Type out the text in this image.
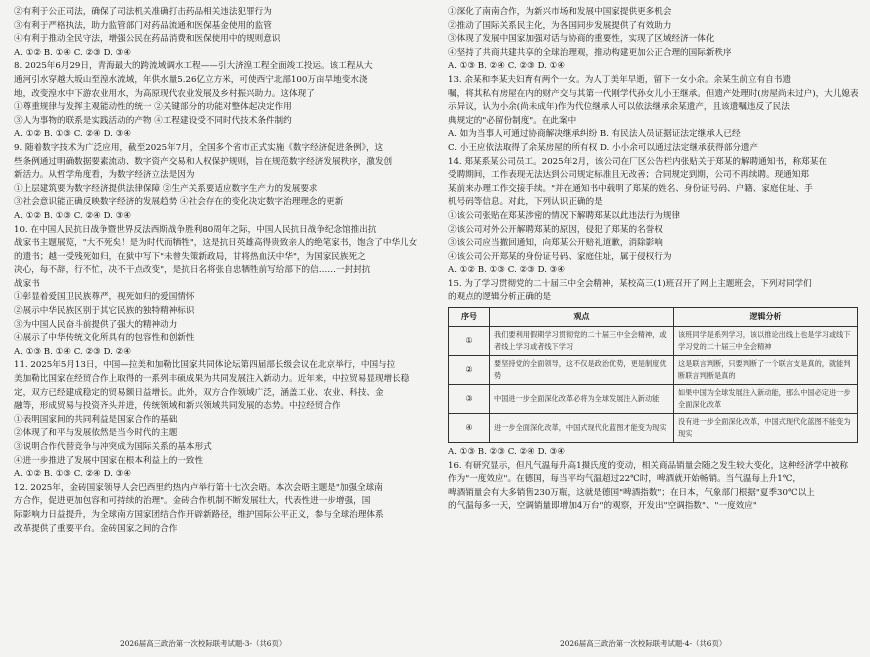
②有利于公正司法，确保了司法机关准确打击药品相关违法犯罪行为
③有利于严格执法，助力监管部门对药品流通和医保基金使用的监管
④有利于推动全民守法，增强公民在药品消费和医保使用中的规则意识
A. ①② B. ①④ C. ②③ D. ③④
8. 2025年6月29日，青海最大的跨流域调水工程——引大济湟工程全面竣工投运。该工程从大
通河引水穿越大坂山至湟水流域，年供水量5.26亿立方米，可使西宁北部100万亩旱地变水浇
地，改变湟水中下游农业用水，为高原现代农业发展及乡村振兴助力。这体现了
①尊重规律与发挥主观能动性的统一 ②关键部分的功能对整体起决定作用
③人为事物的联系是实践活动的产物 ④工程建设受不同时代技术条件制约
A. ①② B. ①③ C. ②④ D. ③④
9. 随着数字技术为广泛应用，截至2025年7月，全国多个省市正式实施《数字经济促进条例》，这
些条例通过明确数据要素流动、数字资产交易和人权保护规则，旨在规范数字经济发展秩序，激发创
新活力。从哲学角度看，为数字经济立法是因为
①上层建筑要为数字经济提供法律保障 ②生产关系要适应数字生产力的发展要求
③社会意识能正确反映数字经济的发展趋势 ④社会存在的变化决定数字治理理念的更新
A. ①② B. ①③ C. ②④ D. ③④
10. 在中国人民抗日战争暨世界反法西斯战争胜利80周年之际，中国人民抗日战争纪念馆推出抗
战家书主题展览，"大不死矣！是为时代而牺牲"，这是抗日英雄高得贵致亲人的绝笔家书，饱含了中华儿女
的遗书；越一受残死如归，在狱中写下"未曾失策新政局，甘将热血沃中华"，为国家民族死之
决心，每不辞，行不忙，决不干点改变"，是抗日名将张自忠牺牲前写给部下的信……一封封抗
战家书
①彰显着爱国卫民族尊严，视死如归的爱国情怀
②展示中华民族区别于其它民族的独特精神标识
③为中国人民奋斗前提供了强大的精神动力
④展示了中华传统文化所具有的包容性和创新性
A. ①③ B. ①④ C. ②③ D. ②④
11. 2025年5月13日，中国—拉美和加勒比国家共同体论坛第四届部长级会议在北京举行，中国与拉
美加勒比国家在经贸合作上取得的一系列丰硕成果为共同发展注入新动力。近年来，中拉贸易显现增长稳
定，双方已经建成稳定的贸易额日益增长。此外，双方合作领域广泛，涵盖工业、农业、科技、金
融等，形成贸易与投资齐头并进，传统领域和新兴领域共同发展的态势。中拉经贸合作
①表明国家间的共同利益是国家合作的基础
②体现了和平与发展依然是当今时代的主题
③说明合作代替竞争与冲突成为国际关系的基本形式
④进一步推进了发展中国家在根本利益上的一致性
A. ①② B. ①③ C. ②④ D. ③④
12. 2025年，金砖国家领导人会巴西里约热内卢举行第十七次会晤。本次会晤主题是"加强全球南
方合作，促进更加包容和可持续的治理"。金砖合作机制不断发展壮大，代表性进一步增强，国
际影响力日益提升，为全球南方国家团结合作开辟新路径，维护国际公平正义，参与全球治理体系
改革提供了重要平台。金砖国家之间的合作
①深化了南南合作，为新兴市场和发展中国家提供更多机会
②推动了国际关系民主化，为各国同步发展提供了有效助力
③体现了发展中国家加强对话与协商的重要性，实现了区域经济一体化
④坚持了共商共建共享的全球治理观，推动构建更加公正合理的国际新秩序
A. ①③ B. ②④ C. ②③ D. ①④
13. 余某和李某夫妇育有两个一女。为人丁美年早逝，留下一女小余。余某生前立有自书遗
嘱，将其私有房屋在内的财产交与其第一代刚学代孙女儿小王继承。但遗产处理时(房屋尚未过户)，大儿媳表
示异议，认为小余(尚未成年)作为代位继承人可以依法继承余某遗产，且该遗嘱违反了民法
典规定的"必留份制度"。在此案中
A. 如为当事人可通过协商解决继承纠纷 B. 有民法人员证据证法定继承人已经
C. 小王应依法取得了余某房屋的所有权 D. 小小余可以通过法定继承获得部分遗产
14. 郑某系某公司员工。2025年2月，该公司在厂区公告栏内张贴关于郑某的解聘通知书，称郑某在
受聘期间，工作表现无法达到公司规定标准且无改善；合同规定到期，公司不再续聘。现通知郑
某前来办理工作交接手续。"并在通知书中载明了郑某的姓名、身份证号码、户籍、家庭住址、手
机号码等信息。对此，下列认识正确的是
①该公司张贴在郑某涉密的情况下解聘郑某以此违法行为规律
②该公司对外公开解聘郑某的原因，侵犯了郑某的名誉权
③该公司应当撤回通知，向郑某公开赔礼道歉，消除影响
④该公司公开郑某的身份证号码、家庭住址，属于侵权行为
A. ①② B. ①③ C. ②③ D. ③④
15. 为了学习贯彻党的二十届三中全会精神，某校高三(1)班召开了网上主题班会，下列对同学们
的观点的逻辑分析正确的是
序号	观点	逻辑分析
①	我们要利用假期学习贯彻党的二十届三中全会精神，或者线上学习或者线下学习	该班同学是系列学习，该以推论出线上也是学习或线下学习党的二十届三中全会精神
②	要坚持党的全面领导，这不仅是政治优势，更是制度优势	这是联言判断，只要判断了一个联言支是真的，就能判断联言判断是真的
③	中国进一步全面深化改革必将为全球发展注入新动能	如果中国为全球发展注入新动能，那么中国必定进一步全面深化改革
④	进一步全面深化改革，中国式现代化蓝图才能变为现实	没有进一步全面深化改革，中国式现代化蓝图不能变为现实
A. ①③ B. ②③ C. ②④ D. ③④
16. 有研究显示，但凡气温每升高1摄氏度的变动，相关商品销量会随之发生较大变化，这种经济学中被称
作为"一度效应"。在德国，每当平均气温超过22℃时，啤酒就开始畅销。当气温每上升1℃，
啤酒销量会有大多销售230万瓶，这就是德国"啤酒指数"；在日本，气象部门根据"夏季30℃以上
的气温每多一天，空调销量即增加4万台"的观察，开发出"空调指数"、"一度效应"
2026届高三政治第一次校际联考试题-3-（共6页）	2026届高三政治第一次校际联考试题-4-（共6页）
